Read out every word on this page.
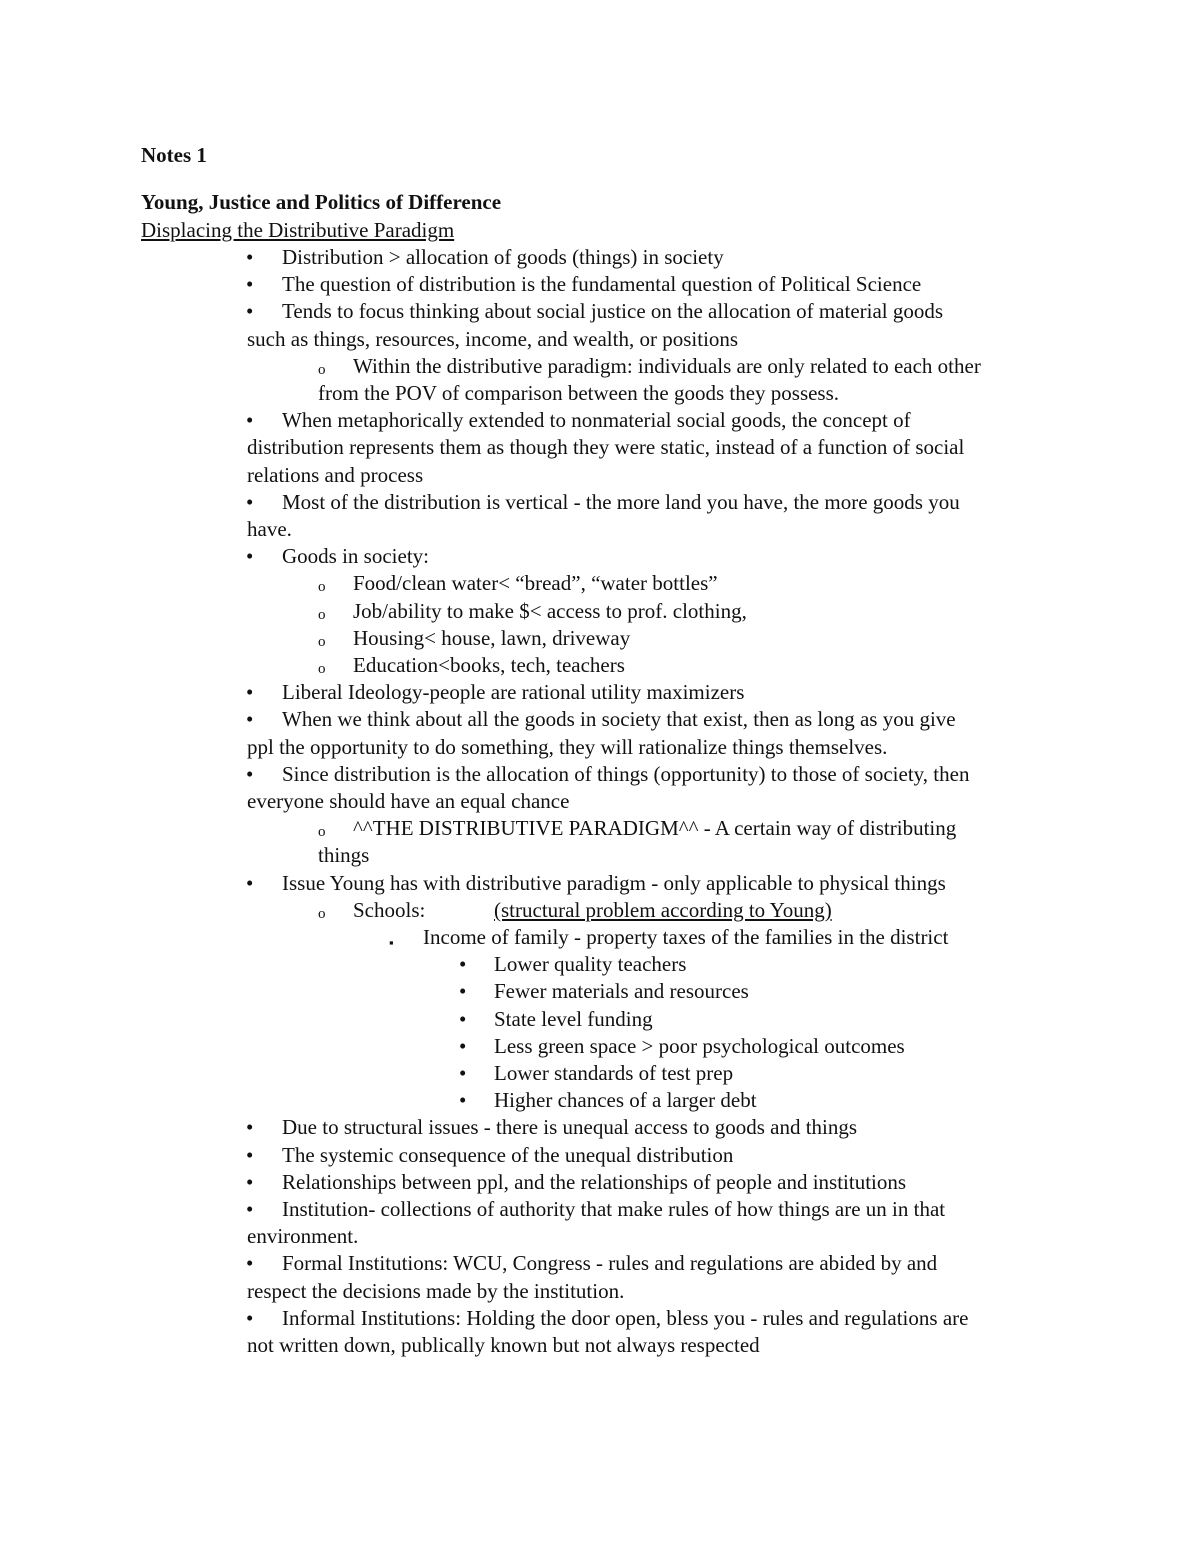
Notes 1
Young, Justice and Politics of Difference
Displacing the Distributive Paradigm
• Distribution > allocation of goods (things) in society
• The question of distribution is the fundamental question of Political Science
• Tends to focus thinking about social justice on the allocation of material goods
such as things, resources, income, and wealth, or positions
o Within the distributive paradigm: individuals are only related to each other
from the POV of comparison between the goods they possess.
• When metaphorically extended to nonmaterial social goods, the concept of
distribution represents them as though they were static, instead of a function of social
relations and process
• Most of the distribution is vertical - the more land you have, the more goods you
have.
• Goods in society:
o Food/clean water< “bread”, “water bottles”
o Job/ability to make $< access to prof. clothing,
o Housing< house, lawn, driveway
o Education<books, tech, teachers
• Liberal Ideology-people are rational utility maximizers
• When we think about all the goods in society that exist, then as long as you give
ppl the opportunity to do something, they will rationalize things themselves.
• Since distribution is the allocation of things (opportunity) to those of society, then
everyone should have an equal chance
o ^^THE DISTRIBUTIVE PARADIGM^^ - A certain way of distributing
things
• Issue Young has with distributive paradigm - only applicable to physical things
o Schools:	(structural problem according to Young)
▪ Income of family - property taxes of the families in the district
• Lower quality teachers
• Fewer materials and resources
• State level funding
• Less green space > poor psychological outcomes
• Lower standards of test prep
• Higher chances of a larger debt
• Due to structural issues - there is unequal access to goods and things
• The systemic consequence of the unequal distribution
• Relationships between ppl, and the relationships of people and institutions
• Institution- collections of authority that make rules of how things are un in that
environment.
• Formal Institutions: WCU, Congress - rules and regulations are abided by and
respect the decisions made by the institution.
• Informal Institutions: Holding the door open, bless you - rules and regulations are
not written down, publically known but not always respected
